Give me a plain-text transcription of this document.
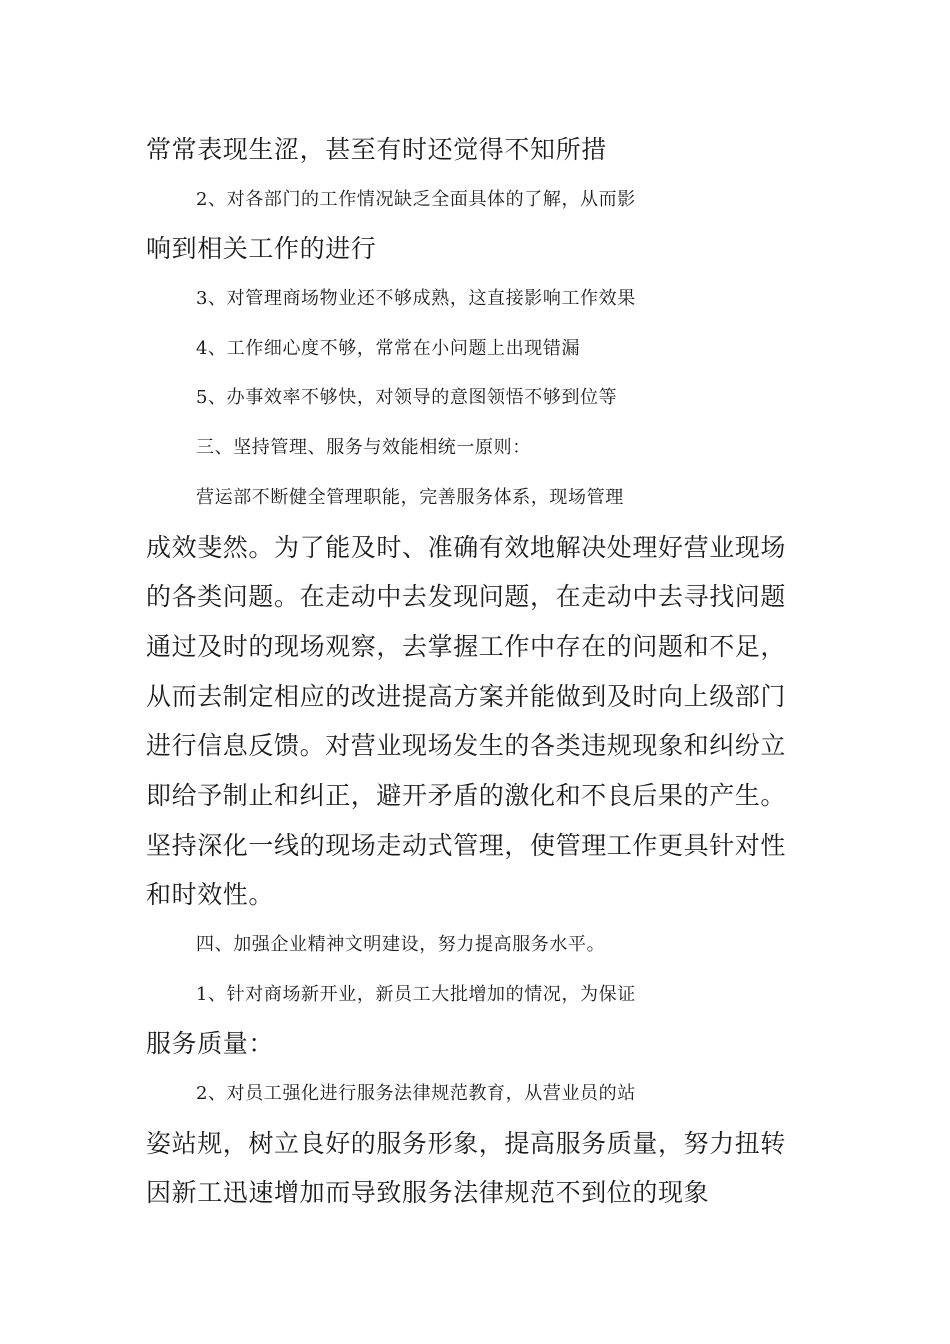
常常表现生涩，甚至有时还觉得不知所措
2、对各部门的工作情况缺乏全面具体的了解，从而影
响到相关工作的进行
3、对管理商场物业还不够成熟，这直接影响工作效果
4、工作细心度不够，常常在小问题上出现错漏
5、办事效率不够快，对领导的意图领悟不够到位等
三、坚持管理、服务与效能相统一原则：
营运部不断健全管理职能，完善服务体系，现场管理
成效斐然。为了能及时、准确有效地解决处理好营业现场
的各类问题。在走动中去发现问题，在走动中去寻找问题
通过及时的现场观察，去掌握工作中存在的问题和不足，
从而去制定相应的改进提高方案并能做到及时向上级部门
进行信息反馈。对营业现场发生的各类违规现象和纠纷立
即给予制止和纠正，避开矛盾的激化和不良后果的产生。
坚持深化一线的现场走动式管理，使管理工作更具针对性
和时效性。
四、加强企业精神文明建设，努力提高服务水平。
1、针对商场新开业，新员工大批增加的情况，为保证
服务质量：
2、对员工强化进行服务法律规范教育，从营业员的站
姿站规，树立良好的服务形象，提高服务质量，努力扭转
因新工迅速增加而导致服务法律规范不到位的现象
